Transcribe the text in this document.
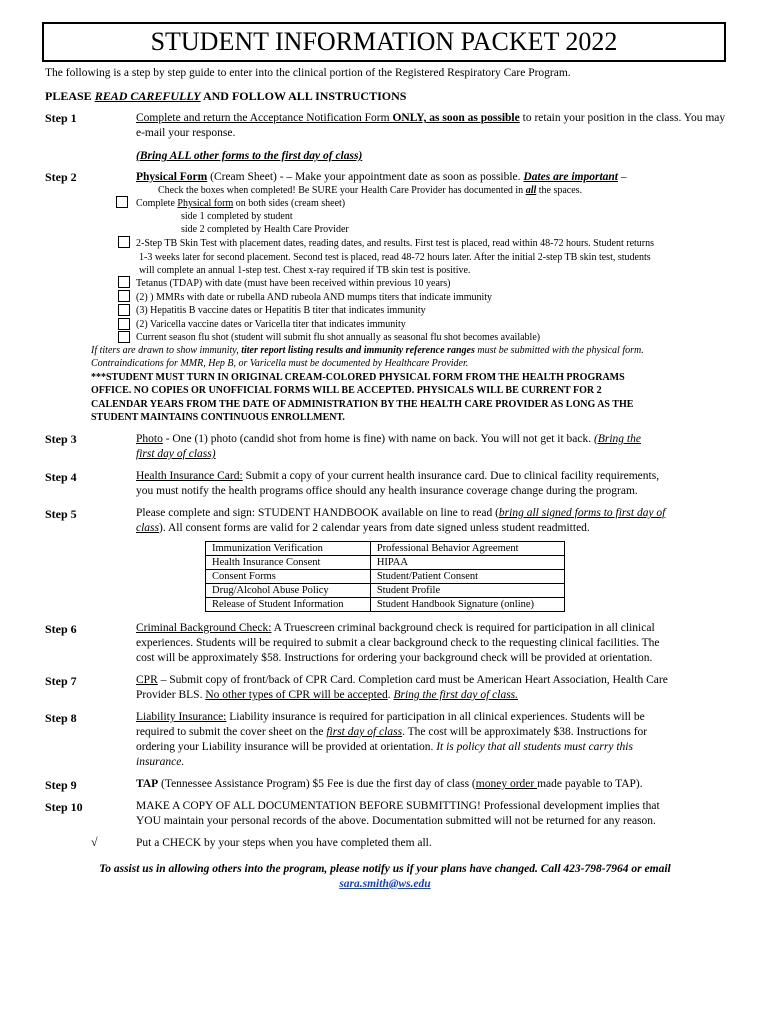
STUDENT INFORMATION PACKET 2022
The following is a step by step guide to enter into the clinical portion of the Registered Respiratory Care Program.
PLEASE READ CAREFULLY AND FOLLOW ALL INSTRUCTIONS
Step 1	Complete and return the Acceptance Notification Form ONLY, as soon as possible to retain your position in the class. You may e-mail your response.
(Bring ALL other forms to the first day of class)
Step 2	Physical Form (Cream Sheet) - – Make your appointment date as soon as possible. Dates are important –
Check the boxes when completed! Be SURE your Health Care Provider has documented in all the spaces.
Complete Physical form on both sides (cream sheet)
side 1 completed by student
side 2 completed by Health Care Provider
2-Step TB Skin Test with placement dates, reading dates, and results. First test is placed, read within 48-72 hours. Student returns
1-3 weeks later for second placement. Second test is placed, read 48-72 hours later. After the initial 2-step TB skin test, students
will complete an annual 1-step test. Chest x-ray required if TB skin test is positive.
Tetanus (TDAP) with date (must have been received within previous 10 years)
(2) ) MMRs with date or rubella AND rubeola AND mumps titers that indicate immunity
(3) Hepatitis B vaccine dates or Hepatitis B titer that indicates immunity
(2) Varicella vaccine dates or Varicella titer that indicates immunity
Current season flu shot (student will submit flu shot annually as seasonal flu shot becomes available)
If titers are drawn to show immunity, titer report listing results and immunity reference ranges must be submitted with the physical form.
Contraindications for MMR, Hep B, or Varicella must be documented by Healthcare Provider.
***STUDENT MUST TURN IN ORIGINAL CREAM-COLORED PHYSICAL FORM FROM THE HEALTH PROGRAMS
OFFICE. NO COPIES OR UNOFFICIAL FORMS WILL BE ACCEPTED. PHYSICALS WILL BE CURRENT FOR 2
CALENDAR YEARS FROM THE DATE OF ADMINISTRATION BY THE HEALTH CARE PROVIDER AS LONG AS THE
STUDENT MAINTAINS CONTINUOUS ENROLLMENT.
Step 3	Photo - One (1) photo (candid shot from home is fine) with name on back. You will not get it back. (Bring the
first day of class)
Step 4	Health Insurance Card: Submit a copy of your current health insurance card. Due to clinical facility requirements,
you must notify the health programs office should any health insurance coverage change during the program.
Step 5	Please complete and sign: STUDENT HANDBOOK available on line to read (bring all signed forms to first day of
class). All consent forms are valid for 2 calendar years from date signed unless student readmitted.
Immunization Verification	Professional Behavior Agreement
Health Insurance Consent	HIPAA
Consent Forms	Student/Patient Consent
Drug/Alcohol Abuse Policy	Student Profile
Release of Student Information	Student Handbook Signature (online)
Step 6	Criminal Background Check: A Truescreen criminal background check is required for participation in all clinical
experiences. Students will be required to submit a clear background check to the requesting clinical facilities. The
cost will be approximately $58. Instructions for ordering your background check will be provided at orientation.
Step 7	CPR – Submit copy of front/back of CPR Card. Completion card must be American Heart Association, Health Care
Provider BLS. No other types of CPR will be accepted. Bring the first day of class.
Step 8	Liability Insurance: Liability insurance is required for participation in all clinical experiences. Students will be
required to submit the cover sheet on the first day of class. The cost will be approximately $38. Instructions for
ordering your Liability insurance will be provided at orientation. It is policy that all students must carry this
insurance.
Step 9	TAP (Tennessee Assistance Program) $5 Fee is due the first day of class (money order made payable to TAP).
Step 10	MAKE A COPY OF ALL DOCUMENTATION BEFORE SUBMITTING! Professional development implies that
YOU maintain your personal records of the above. Documentation submitted will not be returned for any reason.
√	Put a CHECK by your steps when you have completed them all.
To assist us in allowing others into the program, please notify us if your plans have changed. Call 423-798-7964 or email
sara.smith@ws.edu
